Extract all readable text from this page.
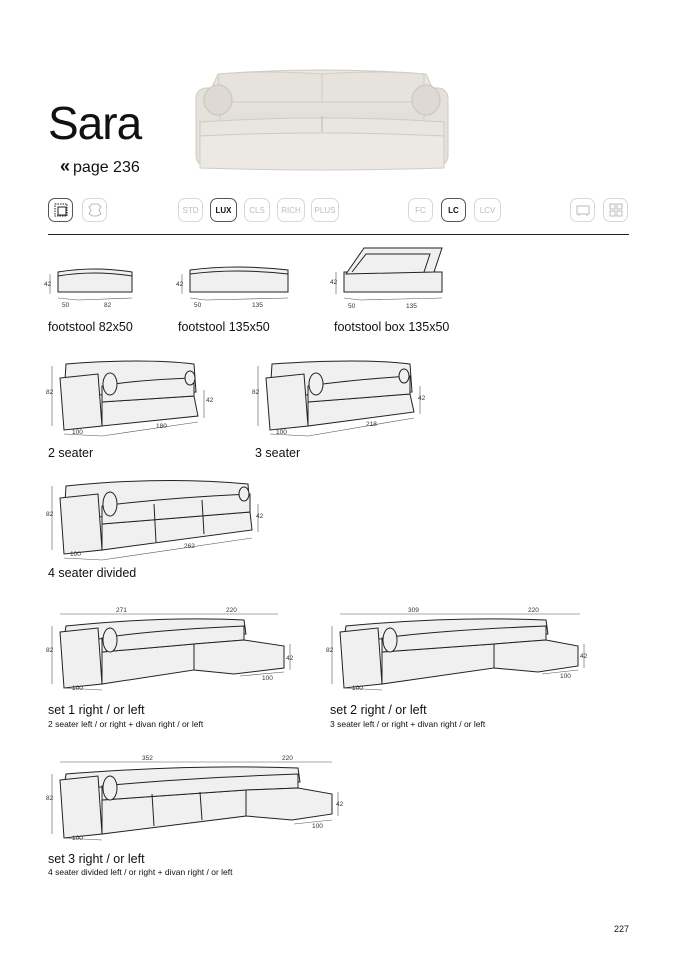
Sara
« page 236
STD	LUX	CLS	RICH	PLUS	FC	LC	LCV
42
50	82
footstool 82x50
42
50	135
footstool 135x50
42
50	135
footstool box 135x50
82
42
100
180
2 seater
82
42
100
218
3 seater
82	42
100
262
4 seater divided
271	220
82
42
100
100
set 1 right / or left
2 seater left / or right + divan right / or left
309	220
82
42
100
100
set 2 right / or left
3 seater left / or right + divan right / or left
352	220
82
42
100
100
set 3 right / or left
4 seater divided left / or right + divan right / or left
227
